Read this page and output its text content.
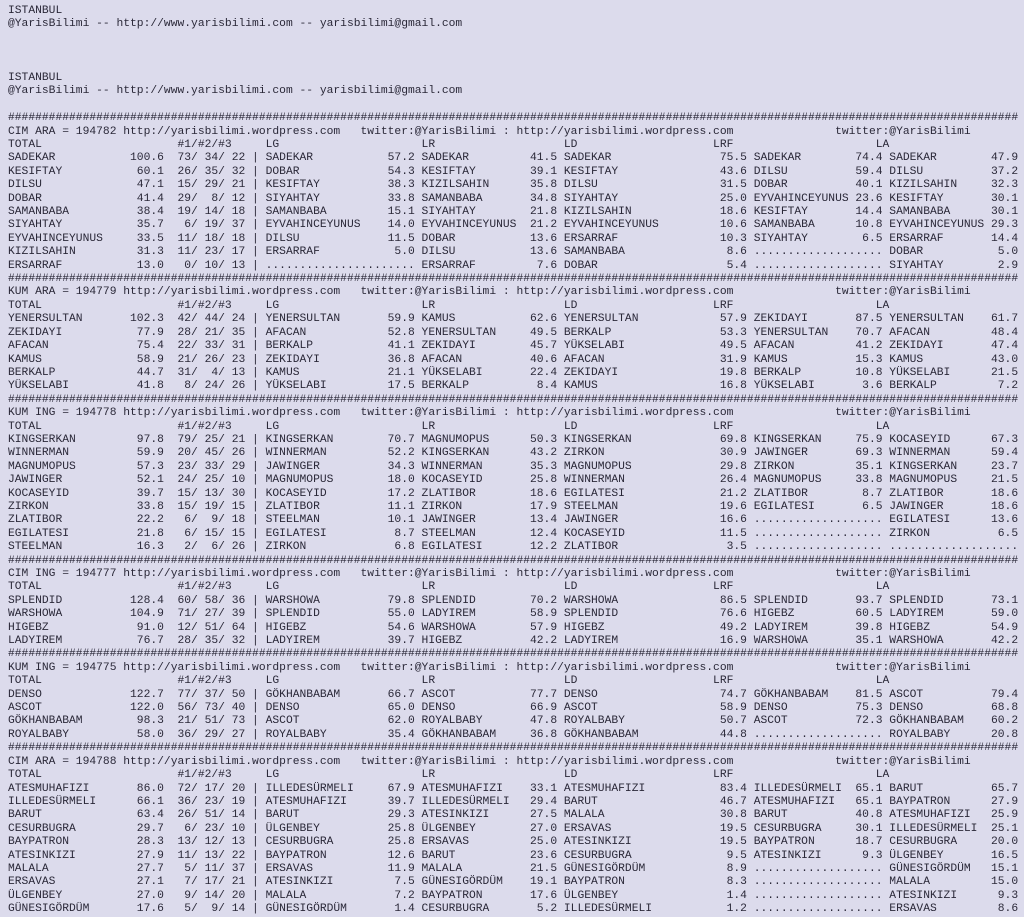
ISTANBUL
@YarisBilimi -- http://www.yarisbilimi.com -- yarisbilimi@gmail.com
ISTANBUL
@YarisBilimi -- http://www.yarisbilimi.com -- yarisbilimi@gmail.com
#####################################################################################################################################################
CIM ARA = 194782 http://yarisbilimi.wordpress.com   twitter:@YarisBilimi : http://yarisbilimi.wordpress.com               twitter:@YarisBilimi
TOTAL                    #1/#2/#3     LG                     LR                   LD                    LRF                     LA
SADEKAR           100.6  73/ 34/ 22 | SADEKAR           57.2 SADEKAR         41.5 SADEKAR                75.5 SADEKAR        74.4 SADEKAR        47.9
KESIFTAY           60.1  26/ 35/ 32 | DOBAR             54.3 KESIFTAY        39.1 KESIFTAY               43.6 DILSU          59.4 DILSU          37.2
DILSU              47.1  15/ 29/ 21 | KESIFTAY          38.3 KIZILSAHIN      35.8 DILSU                  31.5 DOBAR          40.1 KIZILSAHIN     32.3
DOBAR              41.4  29/  8/ 12 | SIYAHTAY          33.8 SAMANBABA       34.8 SIYAHTAY               25.0 EYVAHINCEYUNUS 23.6 KESIFTAY       30.1
SAMANBABA          38.4  19/ 14/ 18 | SAMANBABA         15.1 SIYAHTAY        21.8 KIZILSAHIN             18.6 KESIFTAY       14.4 SAMANBABA      30.1
SIYAHTAY           35.7   6/ 19/ 37 | EYVAHINCEYUNUS    14.0 EYVAHINCEYUNUS  21.2 EYVAHINCEYUNUS         10.6 SAMANBABA      10.8 EYVAHINCEYUNUS 29.3
EYVAHINCEYUNUS     33.5  11/ 18/ 18 | DILSU             11.5 DOBAR           13.6 ERSARRAF               10.3 SIYAHTAY        6.5 ERSARRAF       14.4
KIZILSAHIN         31.3  11/ 23/ 17 | ERSARRAF           5.0 DILSU           13.6 SAMANBABA               8.6 ................... DOBAR           5.0
ERSARRAF           13.0   0/ 10/ 13 | ...................... ERSARRAF         7.6 DOBAR                   5.4 ................... SIYAHTAY        2.9
#####################################################################################################################################################
KUM ARA = 194779 http://yarisbilimi.wordpress.com   twitter:@YarisBilimi : http://yarisbilimi.wordpress.com               twitter:@YarisBilimi
TOTAL                    #1/#2/#3     LG                     LR                   LD                    LRF                     LA
YENERSULTAN       102.3  42/ 44/ 24 | YENERSULTAN       59.9 KAMUS           62.6 YENERSULTAN            57.9 ZEKIDAYI       87.5 YENERSULTAN    61.7
ZEKIDAYI           77.9  28/ 21/ 35 | AFACAN            52.8 YENERSULTAN     49.5 BERKALP                53.3 YENERSULTAN    70.7 AFACAN         48.4
AFACAN             75.4  22/ 33/ 31 | BERKALP           41.1 ZEKIDAYI        45.7 YÜKSELABI              49.5 AFACAN         41.2 ZEKIDAYI       47.4
KAMUS              58.9  21/ 26/ 23 | ZEKIDAYI          36.8 AFACAN          40.6 AFACAN                 31.9 KAMUS          15.3 KAMUS          43.0
BERKALP            44.7  31/  4/ 13 | KAMUS             21.1 YÜKSELABI       22.4 ZEKIDAYI               19.8 BERKALP        10.8 YÜKSELABI      21.5
YÜKSELABI          41.8   8/ 24/ 26 | YÜKSELABI         17.5 BERKALP          8.4 KAMUS                  16.8 YÜKSELABI       3.6 BERKALP         7.2
#####################################################################################################################################################
KUM ING = 194778 http://yarisbilimi.wordpress.com   twitter:@YarisBilimi : http://yarisbilimi.wordpress.com               twitter:@YarisBilimi
TOTAL                    #1/#2/#3     LG                     LR                   LD                    LRF                     LA
KINGSERKAN         97.8  79/ 25/ 21 | KINGSERKAN        70.7 MAGNUMOPUS      50.3 KINGSERKAN             69.8 KINGSERKAN     75.9 KOCASEYID      67.3
WINNERMAN          59.9  20/ 45/ 26 | WINNERMAN         52.2 KINGSERKAN      43.2 ZIRKON                 30.9 JAWINGER       69.3 WINNERMAN      59.4
MAGNUMOPUS         57.3  23/ 33/ 29 | JAWINGER          34.3 WINNERMAN       35.3 MAGNUMOPUS             29.8 ZIRKON         35.1 KINGSERKAN     23.7
JAWINGER           52.1  24/ 25/ 10 | MAGNUMOPUS        18.0 KOCASEYID       25.8 WINNERMAN              26.4 MAGNUMOPUS     33.8 MAGNUMOPUS     21.5
KOCASEYID          39.7  15/ 13/ 30 | KOCASEYID         17.2 ZLATIBOR        18.6 EGILATESI              21.2 ZLATIBOR        8.7 ZLATIBOR       18.6
ZIRKON             33.8  15/ 19/ 15 | ZLATIBOR          11.1 ZIRKON          17.9 STEELMAN               19.6 EGILATESI       6.5 JAWINGER       18.6
ZLATIBOR           22.2   6/  9/ 18 | STEELMAN          10.1 JAWINGER        13.4 JAWINGER               16.6 ................... EGILATESI      13.6
EGILATESI          21.8   6/ 15/ 15 | EGILATESI          8.7 STEELMAN        12.4 KOCASEYID              11.5 ................... ZIRKON          6.5
STEELMAN           16.3   2/  6/ 26 | ZIRKON             6.8 EGILATESI       12.2 ZLATIBOR                3.5 ................... ...................
#####################################################################################################################################################
CIM ING = 194777 http://yarisbilimi.wordpress.com   twitter:@YarisBilimi : http://yarisbilimi.wordpress.com               twitter:@YarisBilimi
TOTAL                    #1/#2/#3     LG                     LR                   LD                    LRF                     LA
SPLENDID          128.4  60/ 58/ 36 | WARSHOWA          79.8 SPLENDID        70.2 WARSHOWA               86.5 SPLENDID       93.7 SPLENDID       73.1
WARSHOWA          104.9  71/ 27/ 39 | SPLENDID          55.0 LADYIREM        58.9 SPLENDID               76.6 HIGEBZ         60.5 LADYIREM       59.0
HIGEBZ             91.0  12/ 51/ 64 | HIGEBZ            54.6 WARSHOWA        57.9 HIGEBZ                 49.2 LADYIREM       39.8 HIGEBZ         54.9
LADYIREM           76.7  28/ 35/ 32 | LADYIREM          39.7 HIGEBZ          42.2 LADYIREM               16.9 WARSHOWA       35.1 WARSHOWA       42.2
#####################################################################################################################################################
KUM ING = 194775 http://yarisbilimi.wordpress.com   twitter:@YarisBilimi : http://yarisbilimi.wordpress.com               twitter:@YarisBilimi
TOTAL                    #1/#2/#3     LG                     LR                   LD                    LRF                     LA
DENSO             122.7  77/ 37/ 50 | GÖKHANBABAM       66.7 ASCOT           77.7 DENSO                  74.7 GÖKHANBABAM    81.5 ASCOT          79.4
ASCOT             122.0  56/ 73/ 40 | DENSO             65.0 DENSO           66.9 ASCOT                  58.9 DENSO          75.3 DENSO          68.8
GÖKHANBABAM        98.3  21/ 51/ 73 | ASCOT             62.0 ROYALBABY       47.8 ROYALBABY              50.7 ASCOT          72.3 GÖKHANBABAM    60.2
ROYALBABY          58.0  36/ 29/ 27 | ROYALBABY         35.4 GÖKHANBABAM     36.8 GÖKHANBABAM            44.8 ................... ROYALBABY      20.8
#####################################################################################################################################################
CIM ARA = 194788 http://yarisbilimi.wordpress.com   twitter:@YarisBilimi : http://yarisbilimi.wordpress.com               twitter:@YarisBilimi
TOTAL                    #1/#2/#3     LG                     LR                   LD                    LRF                     LA
ATESMUHAFIZI       86.0  72/ 17/ 20 | ILLEDESÜRMELI     67.9 ATESMUHAFIZI    33.1 ATESMUHAFIZI           83.4 ILLEDESÜRMELI  65.1 BARUT          65.7
ILLEDESÜRMELI      66.1  36/ 23/ 19 | ATESMUHAFIZI      39.7 ILLEDESÜRMELI   29.4 BARUT                  46.7 ATESMUHAFIZI   65.1 BAYPATRON      27.9
BARUT              63.4  26/ 51/ 14 | BARUT             29.3 ATESINKIZI      27.5 MALALA                 30.8 BARUT          40.8 ATESMUHAFIZI   25.9
CESURBUGRA         29.7   6/ 23/ 10 | ÜLGENBEY          25.8 ÜLGENBEY        27.0 ERSAVAS                19.5 CESURBUGRA     30.1 ILLEDESÜRMELI  25.1
BAYPATRON          28.3  13/ 12/ 13 | CESURBUGRA        25.8 ERSAVAS         25.0 ATESINKIZI             19.5 BAYPATRON      18.7 CESURBUGRA     20.0
ATESINKIZI         27.9  11/ 13/ 22 | BAYPATRON         12.6 BARUT           23.6 CESURBUGRA              9.5 ATESINKIZI      9.3 ÜLGENBEY       16.5
MALALA             27.7   5/ 11/ 37 | ERSAVAS           11.9 MALALA          21.5 GÜNESIGÖRDÜM            8.9 ................... GÜNESIGÖRDÜM   15.1
ERSAVAS            27.1   7/ 17/ 21 | ATESINKIZI         7.5 GÜNESIGÖRDÜM    19.1 BAYPATRON               8.3 ................... MALALA         15.0
ÜLGENBEY           27.0   9/ 14/ 20 | MALALA             7.2 BAYPATRON       17.6 ÜLGENBEY                1.4 ................... ATESINKIZI      9.3
GÜNESIGÖRDÜM       17.6   5/  9/ 14 | GÜNESIGÖRDÜM       1.4 CESURBUGRA       5.2 ILLEDESÜRMELI           1.2 ................... ERSAVAS         8.6
